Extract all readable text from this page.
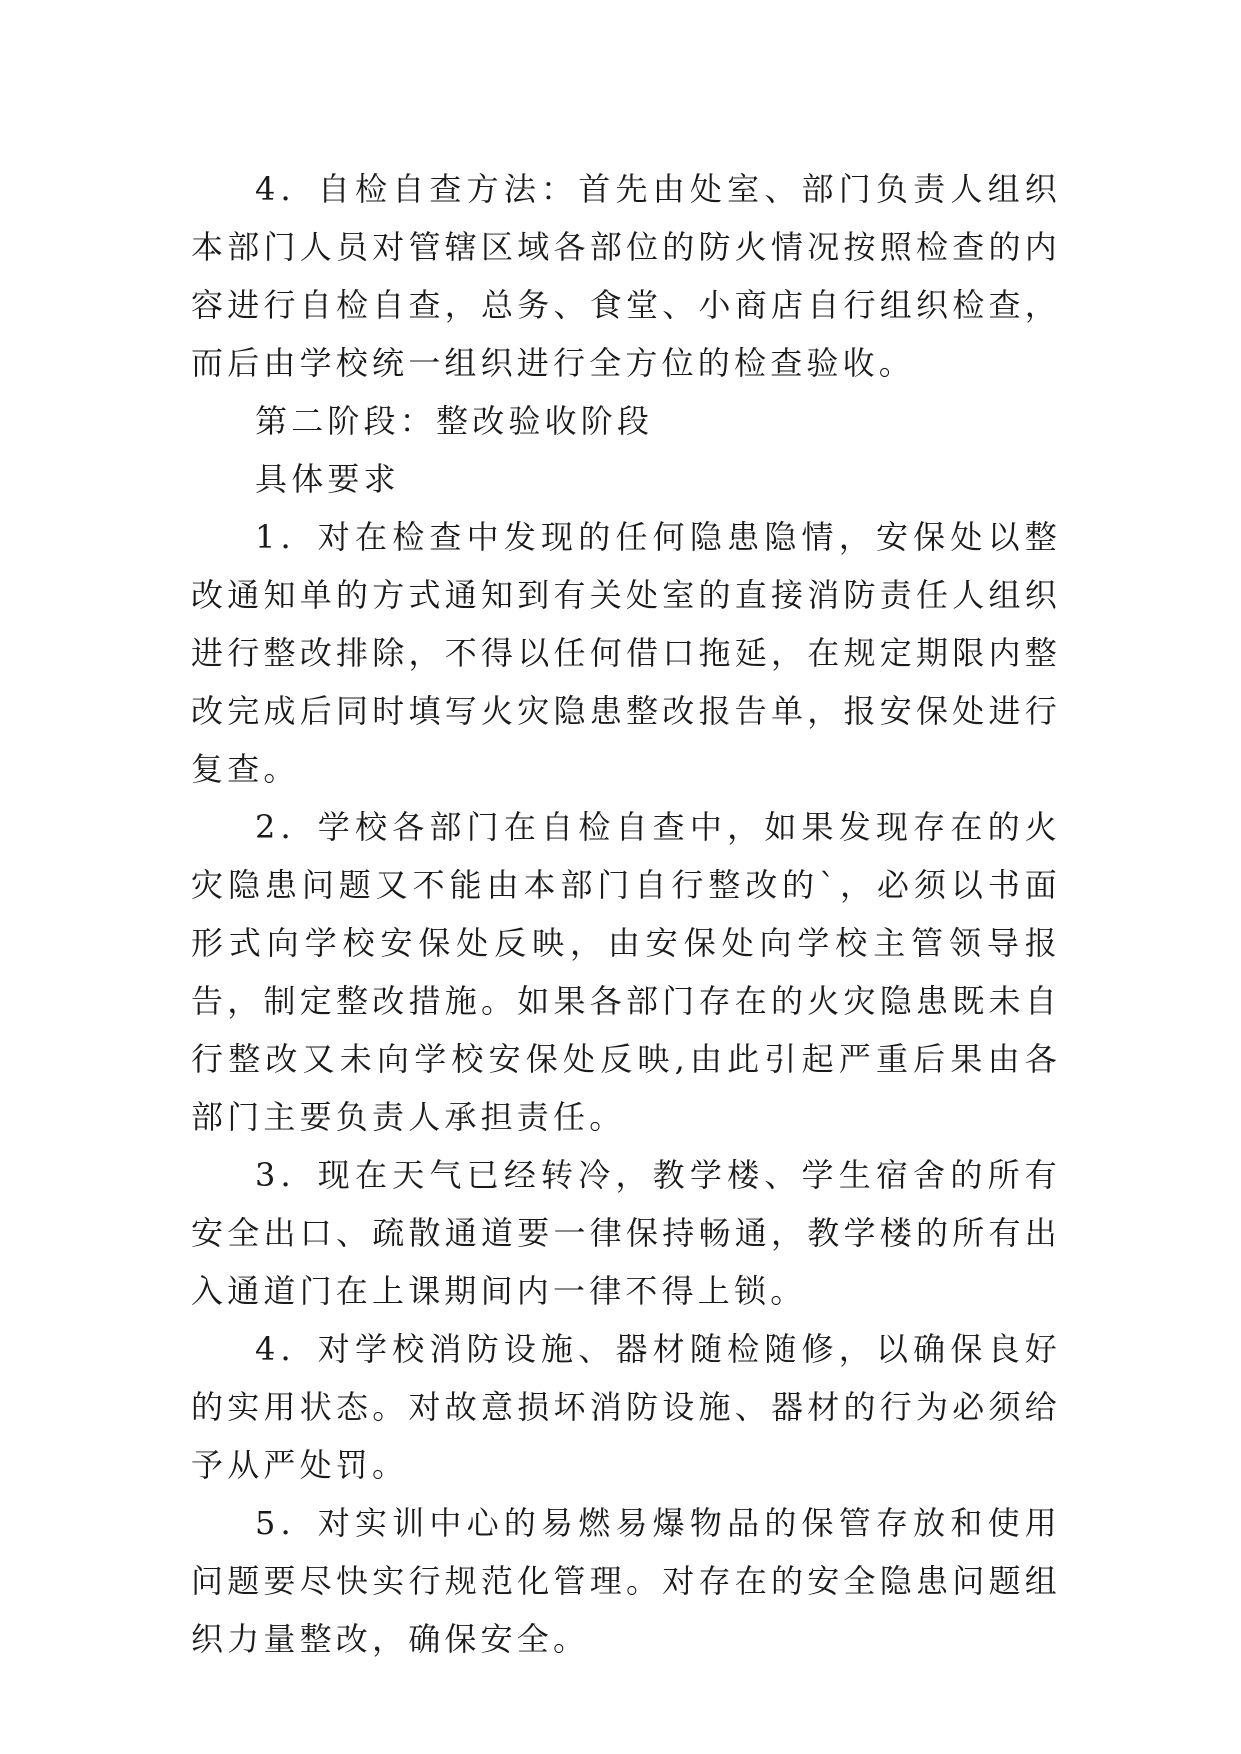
4．自检自查方法：首先由处室、部门负责人组织本部门人员对管辖区域各部位的防火情况按照检查的内容进行自检自查，总务、食堂、小商店自行组织检查，而后由学校统一组织进行全方位的检查验收。

第二阶段：整改验收阶段

具体要求

1．对在检查中发现的任何隐患隐情，安保处以整改通知单的方式通知到有关处室的直接消防责任人组织进行整改排除，不得以任何借口拖延，在规定期限内整改完成后同时填写火灾隐患整改报告单，报安保处进行复查。

2．学校各部门在自检自查中，如果发现存在的火灾隐患问题又不能由本部门自行整改的`，必须以书面形式向学校安保处反映，由安保处向学校主管领导报告，制定整改措施。如果各部门存在的火灾隐患既未自行整改又未向学校安保处反映,由此引起严重后果由各部门主要负责人承担责任。

3．现在天气已经转冷，教学楼、学生宿舍的所有安全出口、疏散通道要一律保持畅通，教学楼的所有出入通道门在上课期间内一律不得上锁。

4．对学校消防设施、器材随检随修，以确保良好的实用状态。对故意损坏消防设施、器材的行为必须给予从严处罚。

5．对实训中心的易燃易爆物品的保管存放和使用问题要尽快实行规范化管理。对存在的安全隐患问题组织力量整改，确保安全。
